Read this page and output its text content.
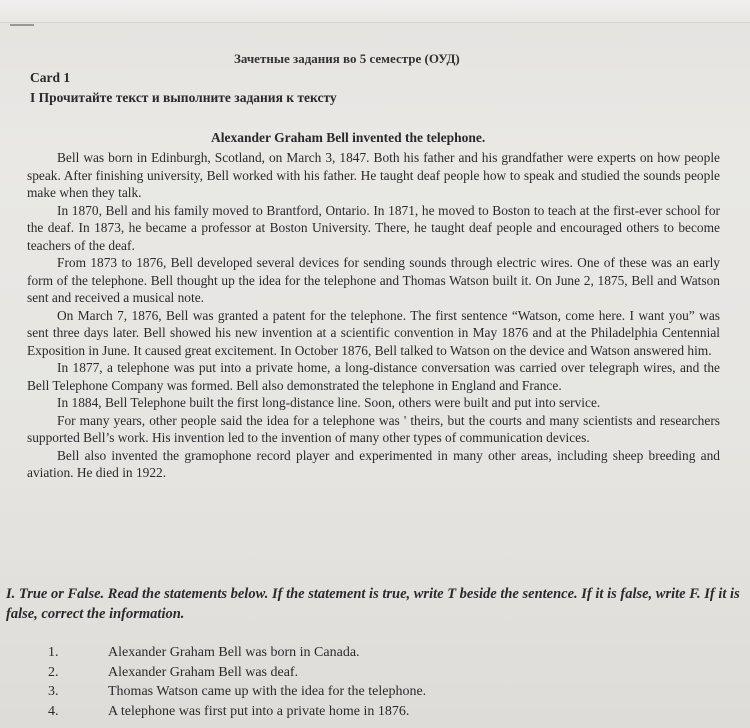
Зачетные задания во 5 семестре (ОУД)
Card 1
I Прочитайте текст и выполните задания к тексту
Alexander Graham Bell invented the telephone.

Bell was born in Edinburgh, Scotland, on March 3, 1847. Both his father and his grandfather were experts on how people speak. After finishing university, Bell worked with his father. He taught deaf people how to speak and studied the sounds people make when they talk.

In 1870, Bell and his family moved to Brantford, Ontario. In 1871, he moved to Boston to teach at the first-ever school for the deaf. In 1873, he became a professor at Boston University. There, he taught deaf people and encouraged others to become teachers of the deaf.

From 1873 to 1876, Bell developed several devices for sending sounds through electric wires. One of these was an early form of the telephone. Bell thought up the idea for the telephone and Thomas Watson built it. On June 2, 1875, Bell and Watson sent and received a musical note.

On March 7, 1876, Bell was granted a patent for the telephone. The first sentence “Watson, come here. I want you” was sent three days later. Bell showed his new invention at a scientific convention in May 1876 and at the Philadelphia Centennial Exposition in June. It caused great excitement. In October 1876, Bell talked to Watson on the device and Watson answered him.

In 1877, a telephone was put into a private home, a long-distance conversation was carried over telegraph wires, and the Bell Telephone Company was formed. Bell also demonstrated the telephone in England and France.

In 1884, Bell Telephone built the first long-distance line. Soon, others were built and put into service.

For many years, other people said the idea for a telephone was ' theirs, but the courts and many scientists and researchers supported Bell’s work. His invention led to the invention of many other types of communication devices.

Bell also invented the gramophone record player and experimented in many other areas, including sheep breeding and aviation. He died in 1922.

I. True or False. Read the statements below. If the statement is true, write T beside the sentence. If it is false, write F. If it is false, correct the information.
1.	Alexander Graham Bell was born in Canada.
2.	Alexander Graham Bell was deaf.
3.	Thomas Watson came up with the idea for the telephone.
4.	A telephone was first put into a private home in 1876.
